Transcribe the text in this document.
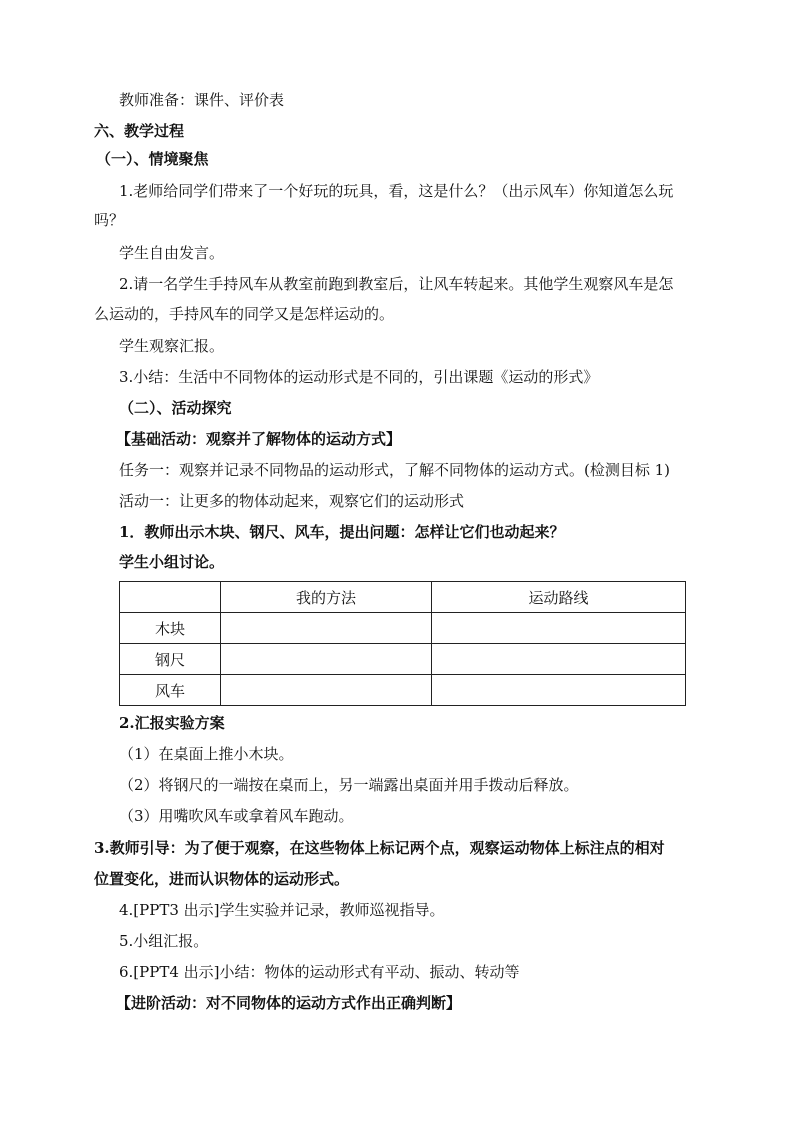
教师准备：课件、评价表
六、教学过程
（一）、情境聚焦
1.老师给同学们带来了一个好玩的玩具，看，这是什么？（出示风车）你知道怎么玩
吗？
学生自由发言。
2.请一名学生手持风车从教室前跑到教室后，让风车转起来。其他学生观察风车是怎
么运动的，手持风车的同学又是怎样运动的。
学生观察汇报。
3.小结：生活中不同物体的运动形式是不同的，引出课题《运动的形式》
（二）、活动探究
【基础活动：观察并了解物体的运动方式】
任务一：观察并记录不同物品的运动形式，了解不同物体的运动方式。(检测目标 1)
活动一：让更多的物体动起来，观察它们的运动形式
1．教师出示木块、钢尺、风车，提出问题：怎样让它们也动起来？
学生小组讨论。
	我的方法	运动路线
木块		
钢尺		
风车		
2.汇报实验方案
（1）在桌面上推小木块。
（2）将钢尺的一端按在桌而上，另一端露出桌面并用手拨动后释放。
（3）用嘴吹风车或拿着风车跑动。
3.教师引导：为了便于观察，在这些物体上标记两个点，观察运动物体上标注点的相对
位置变化，进而认识物体的运动形式。
4.[PPT3 出示]学生实验并记录，教师巡视指导。
5.小组汇报。
6.[PPT4 出示]小结：物体的运动形式有平动、振动、转动等
【进阶活动：对不同物体的运动方式作出正确判断】
